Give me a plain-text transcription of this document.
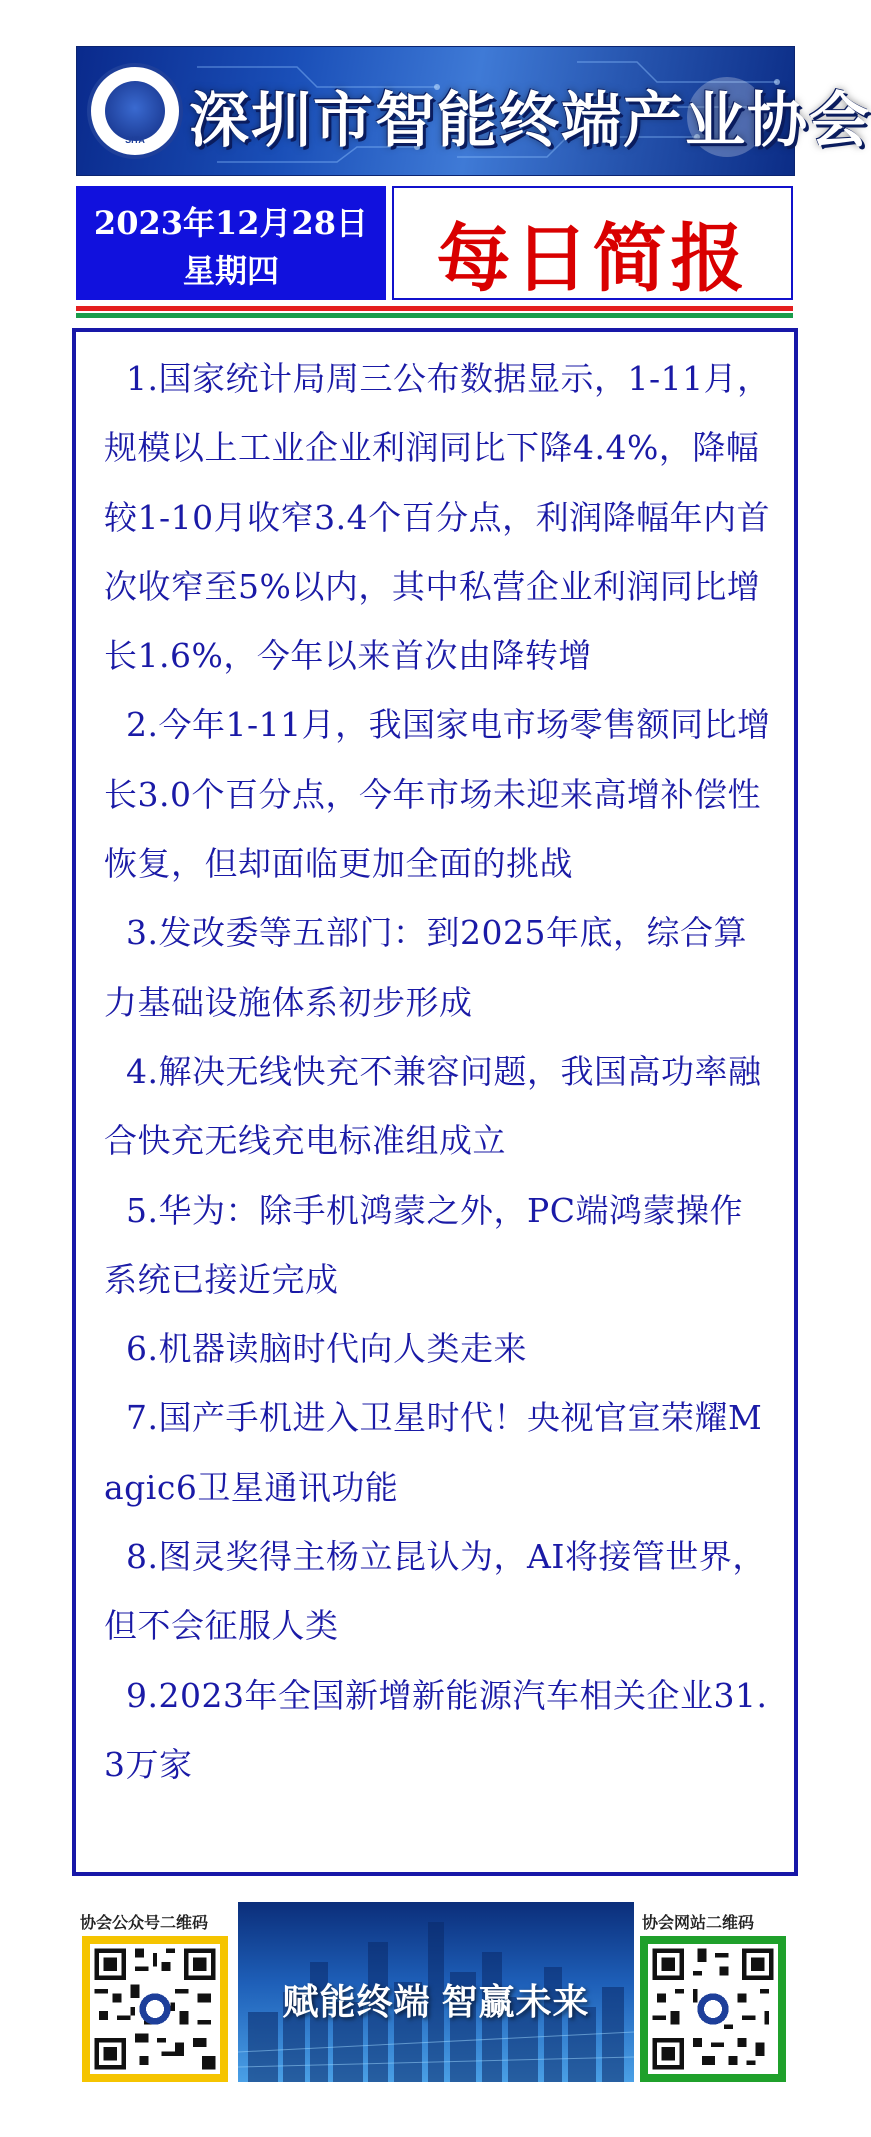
SITA 深圳市智能终端产业协会
2023年12月28日
星期四	每日简报
1.国家统计局周三公布数据显示，1-11月，规模以上工业企业利润同比下降4.4%，降幅较1-10月收窄3.4个百分点，利润降幅年内首次收窄至5%以内，其中私营企业利润同比增长1.6%，今年以来首次由降转增
2.今年1-11月，我国家电市场零售额同比增长3.0个百分点，今年市场未迎来高增补偿性恢复，但却面临更加全面的挑战
3.发改委等五部门：到2025年底，综合算力基础设施体系初步形成
4.解决无线快充不兼容问题，我国高功率融合快充无线充电标准组成立
5.华为：除手机鸿蒙之外，PC端鸿蒙操作系统已接近完成
6.机器读脑时代向人类走来
7.国产手机进入卫星时代！央视官宣荣耀Magic6卫星通讯功能
8.图灵奖得主杨立昆认为，AI将接管世界，但不会征服人类
9.2023年全国新增新能源汽车相关企业31.3万家
协会公众号二维码
赋能终端 智赢未来
协会网站二维码
